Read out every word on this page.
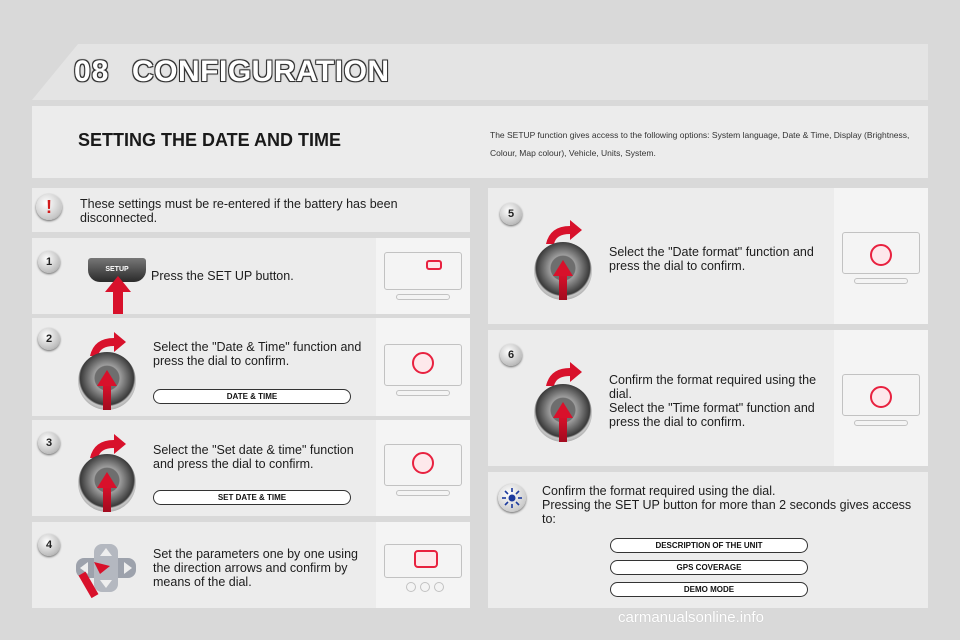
08 CONFIGURATION
SETTING THE DATE AND TIME	The SETUP function gives access to the following options: System language, Date & Time, Display (Brightness, Colour, Map colour), Vehicle, Units, System.
!	These settings must be re-entered if the battery has been disconnected.
1
SETUP	Press the SET UP button.
2
Select the "Date & Time" function and press the dial to confirm.
DATE & TIME
3	Select the "Set date & time" function and press the dial to confirm.
SET DATE & TIME
4
Set the parameters one by one using the direction arrows and confirm by means of the dial.
5
Select the "Date format" function and press the dial to confirm.
6
Confirm the format required using the dial.
Select the "Time format" function and press the dial to confirm.
Confirm the format required using the dial.
Pressing the SET UP button for more than 2 seconds gives access to:
DESCRIPTION OF THE UNIT
GPS COVERAGE
DEMO MODE
carmanualsonline.info
